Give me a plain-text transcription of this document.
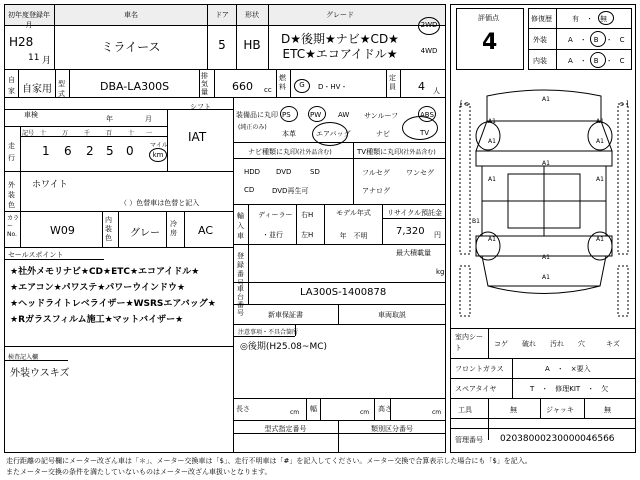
初年度登録年月
車名	ドア	形状	グレード
H28
11 月
ミライース	5	HB	D★後期★ナビ★CD★
ETC★エコアイドル★
2WD
4WD
自
家 自家用 型式
DBA-LA300S
排気量	660 cc
燃料	G	D・HV・
定員 4 人
車検	年	月
シフト
IAT
走行
記号 十	万	千	百	十 一
1 6 2 5 0	マイル
km
外装色
ホワイト
（ ）色替車は色替と記入
カラーNo.	W09
内装色	グレー
冷房 AC
セールスポイント
★社外メモリナビ★CD★ETC★エコアイドル★
★エアコン★パワステ★パワーウインドウ★
★ヘッドライトレベライザー★WSRSエアバッグ★
★Rガラスフィルム施工★マットバイザー★
検査記入欄
外装ウスキズ
装備品に丸印
(純正のみ)
PS	PW AW サンルーフ	ABS
本革	エアバッグ	ナビ	TV
ナビ種類に丸印(社外品含む)	TV種類に丸印(社外品含む)
HDD DVD	SD
CD	DVD再生可
フルセグ ワンセグ
アナログ
輸入車
ディーラー
・並行
右H
左H
モデル年式
年　不明
リサイクル預託金
7,320 円
登録番号
最大積載量
kg
車台番号
LA300S-1400878
新車保証書	車両取説
注意事項・不具合箇所
◎後期(H25.08~MC)
長さ	cm 幅	cm 高さ	cm
型式指定番号	類別区分番号
評価点
4
修復歴	有　・　無
外装	A　・　B　・　C
内装	A　・　B　・　C
A1
A1	A1
A1	A1
A1
A1	A1
B1
A1	A1
A1
A1
[ s	s ]
室内シート	コゲ 破れ 汚れ 穴	キズ
フロントガラス	A　・　×要入
スペアタイヤ	T　・　修理KIT　・　欠
工具	無	ジャッキ	無
管理番号 02038000230000046566
走行距離の記号欄にメーター改ざん車は「＊」、メーター交換車は「$」、走行不明車は「#」を記入してください。メーター交換で合算表示した場合にも「$」を記入。
またメーター交換の条件を満たしていないものはメーター改ざん車扱いとなります。
